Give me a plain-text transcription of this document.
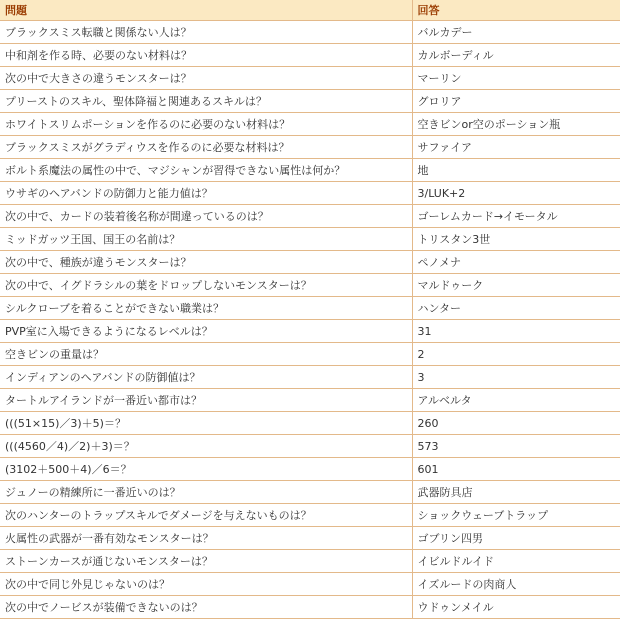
問題	回答
ブラックスミス転職と関係ない人は？	バルカデー
中和剤を作る時、必要のない材料は？	カルボーディル
次の中で大きさの違うモンスターは？	マーリン
プリーストのスキル、聖体降福と関連あるスキルは？	グロリア
ホワイトスリムポーションを作るのに必要のない材料は？	空きビンor空のポーション瓶
ブラックスミスがグラディウスを作るのに必要な材料は？	サファイア
ボルト系魔法の属性の中で、マジシャンが習得できない属性は何か？	地
ウサギのヘアバンドの防御力と能力値は？	3/LUK+2
次の中で、カードの装着後名称が間違っているのは？	ゴーレムカード→イモータル
ミッドガッツ王国、国王の名前は？	トリスタン3世
次の中で、種族が違うモンスターは？	ペノメナ
次の中で、イグドラシルの葉をドロップしないモンスターは？	マルドゥーク
シルクローブを着ることができない職業は？	ハンター
PVP室に入場できるようになるレベルは？	31
空きビンの重量は？	2
インディアンのヘアバンドの防御値は？	3
タートルアイランドが一番近い都市は？	アルベルタ
(((51×15)／3)＋5)＝？	260
(((4560／4)／2)＋3)＝？	573
(3102＋500＋4)／6＝？	601
ジュノーの精練所に一番近いのは？	武器防具店
次のハンターのトラップスキルでダメージを与えないものは？	ショックウェーブトラップ
火属性の武器が一番有効なモンスターは？	ゴブリン四男
ストーンカースが通じないモンスターは？	イビルドルイド
次の中で同じ外見じゃないのは？	イズルードの肉商人
次の中でノービスが装備できないのは？	ウドゥンメイル
